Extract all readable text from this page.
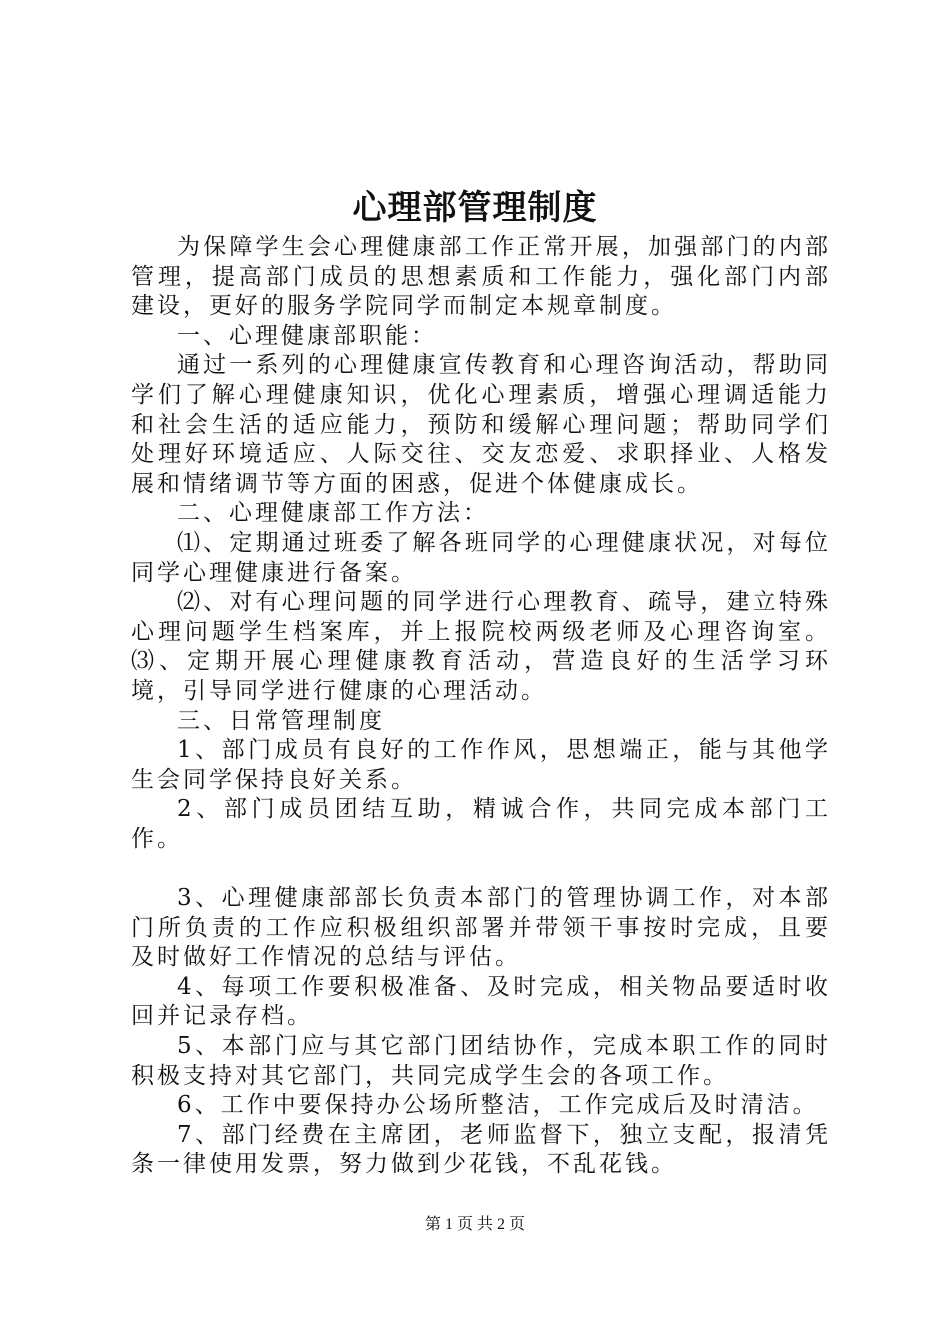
心理部管理制度

为保障学生会心理健康部工作正常开展，加强部门的内部管理，提高部门成员的思想素质和工作能力，强化部门内部建设，更好的服务学院同学而制定本规章制度。

一、心理健康部职能：

通过一系列的心理健康宣传教育和心理咨询活动，帮助同学们了解心理健康知识，优化心理素质，增强心理调适能力和社会生活的适应能力，预防和缓解心理问题；帮助同学们处理好环境适应、人际交往、交友恋爱、求职择业、人格发展和情绪调节等方面的困惑，促进个体健康成长。

二、心理健康部工作方法：

⑴、定期通过班委了解各班同学的心理健康状况，对每位同学心理健康进行备案。

⑵、对有心理问题的同学进行心理教育、疏导，建立特殊心理问题学生档案库，并上报院校两级老师及心理咨询室。⑶、定期开展心理健康教育活动，营造良好的生活学习环境，引导同学进行健康的心理活动。

三、日常管理制度

1、部门成员有良好的工作作风，思想端正，能与其他学生会同学保持良好关系。

2、部门成员团结互助，精诚合作，共同完成本部门工作。

3、心理健康部部长负责本部门的管理协调工作，对本部门所负责的工作应积极组织部署并带领干事按时完成，且要及时做好工作情况的总结与评估。

4、每项工作要积极准备、及时完成，相关物品要适时收回并记录存档。

5、本部门应与其它部门团结协作，完成本职工作的同时积极支持对其它部门，共同完成学生会的各项工作。

6、工作中要保持办公场所整洁，工作完成后及时清洁。

7、部门经费在主席团，老师监督下，独立支配，报清凭条一律使用发票，努力做到少花钱，不乱花钱。

第 1 页 共 2 页
